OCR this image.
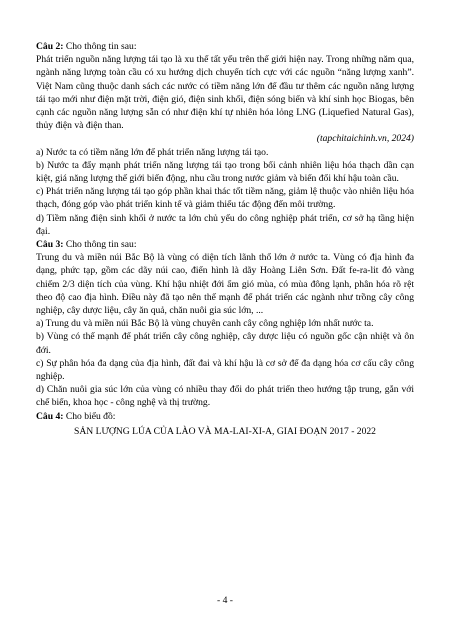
Câu 2: Cho thông tin sau:

Phát triển nguồn năng lượng tái tạo là xu thế tất yếu trên thế giới hiện nay. Trong những năm qua, ngành năng lượng toàn cầu có xu hướng dịch chuyển tích cực với các nguồn “năng lượng xanh”. Việt Nam cũng thuộc danh sách các nước có tiềm năng lớn để đầu tư thêm các nguồn năng lượng tái tạo mới như điện mặt trời, điện gió, điện sinh khối, điện sóng biển và khí sinh học Biogas, bên cạnh các nguồn năng lượng sẵn có như điện khí tự nhiên hóa lỏng LNG (Liquefied Natural Gas), thủy điện và điện than.

(tapchitaichinh.vn, 2024)

a) Nước ta có tiềm năng lớn để phát triển năng lượng tái tạo.

b) Nước ta đẩy mạnh phát triển năng lượng tái tạo trong bối cảnh nhiên liệu hóa thạch dần cạn kiệt, giá năng lượng thế giới biến động, nhu cầu trong nước giảm và biến đổi khí hậu toàn cầu.

c) Phát triển năng lượng tái tạo góp phần khai thác tốt tiềm năng, giảm lệ thuộc vào nhiên liệu hóa thạch, đóng góp vào phát triển kinh tế và giảm thiểu tác động đến môi trường.

d) Tiềm năng điện sinh khối ở nước ta lớn chủ yếu do công nghiệp phát triển, cơ sở hạ tầng hiện đại.

Câu 3: Cho thông tin sau:

Trung du và miền núi Bắc Bộ là vùng có diện tích lãnh thổ lớn ở nước ta. Vùng có địa hình đa dạng, phức tạp, gồm các dãy núi cao, điển hình là dãy Hoàng Liên Sơn. Đất fe-ra-lit đỏ vàng chiếm 2/3 diện tích của vùng. Khí hậu nhiệt đới ẩm gió mùa, có mùa đông lạnh, phân hóa rõ rệt theo độ cao địa hình. Điều này đã tạo nên thế mạnh để phát triển các ngành như trồng cây công nghiệp, cây dược liệu, cây ăn quả, chăn nuôi gia súc lớn, ...

a) Trung du và miền núi Bắc Bộ là vùng chuyên canh cây công nghiệp lớn nhất nước ta.

b) Vùng có thế mạnh để phát triển cây công nghiệp, cây dược liệu có nguồn gốc cận nhiệt và ôn đới.

c) Sự phân hóa đa dạng của địa hình, đất đai và khí hậu là cơ sở để đa dạng hóa cơ cấu cây công nghiệp.

d) Chăn nuôi gia súc lớn của vùng có nhiều thay đổi do phát triển theo hướng tập trung, gắn với chế biến, khoa học - công nghệ và thị trường.

Câu 4: Cho biểu đồ:

SẢN LƯỢNG LÚA CỦA LÀO VÀ MA-LAI-XI-A, GIAI ĐOẠN 2017 - 2022

- 4 -
